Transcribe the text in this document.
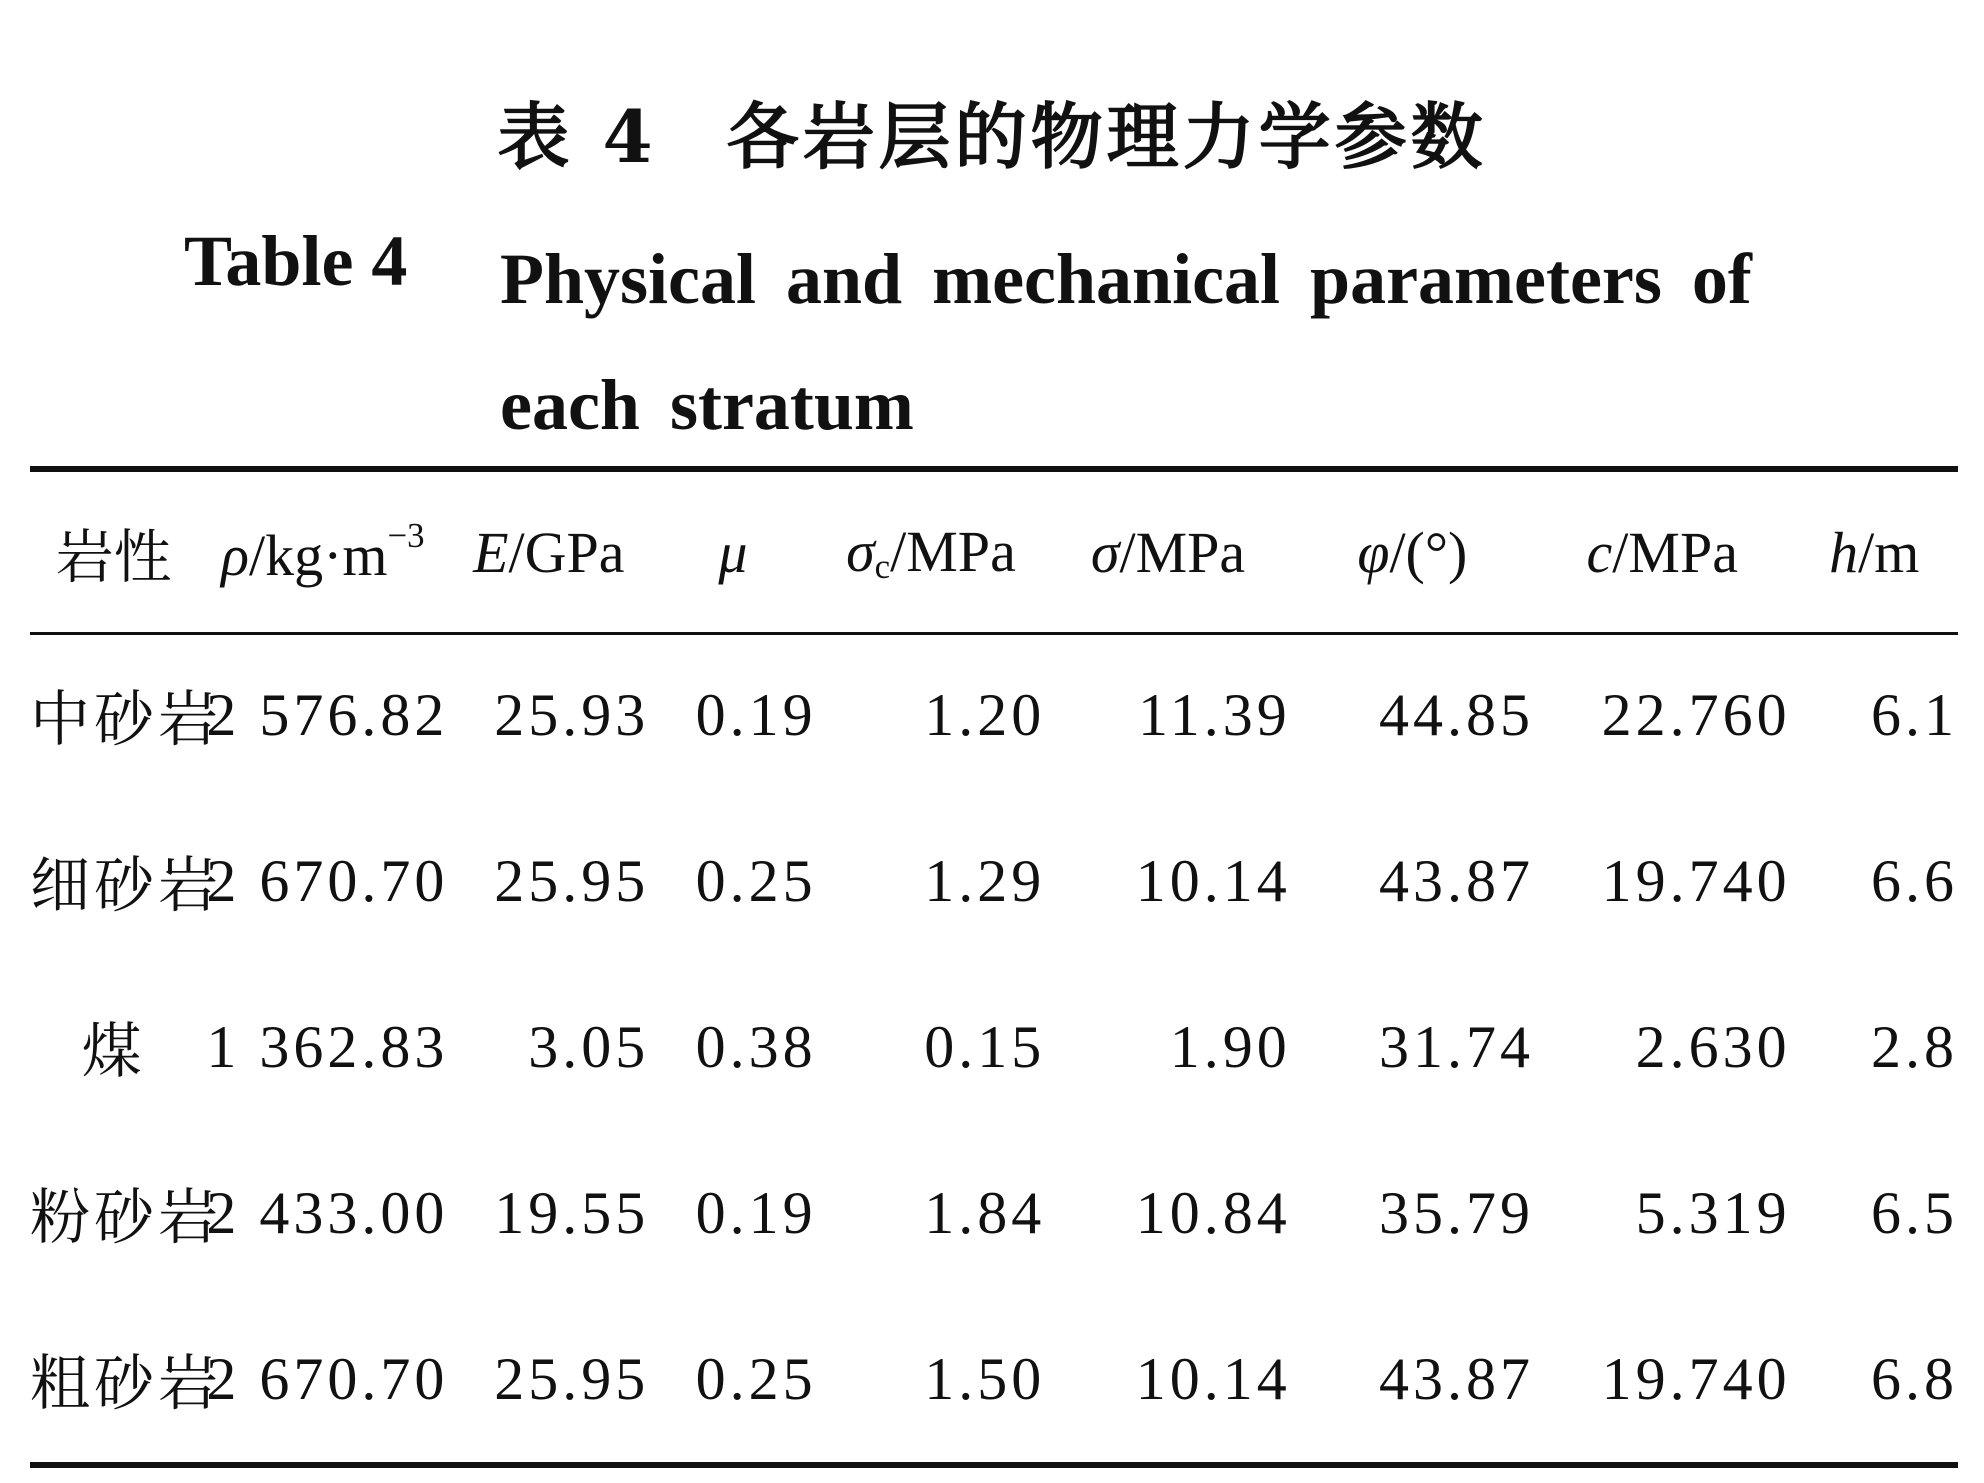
表 4 各岩层的物理力学参数
Table 4 Physical and mechanical parameters of each stratum
岩性	$\rho/kg\cdot m^{-3}$	E/GPa	μ	$\sigma_c$/MPa	σ/MPa	φ/(°)	c/MPa	h/m
中砂岩	2 576.82	25.93	0.19	1.20	11.39	44.85	22.760	6.1
细砂岩	2 670.70	25.95	0.25	1.29	10.14	43.87	19.740	6.6
煤	1 362.83	3.05	0.38	0.15	1.90	31.74	2.630	2.8
粉砂岩	2 433.00	19.55	0.19	1.84	10.84	35.79	5.319	6.5
粗砂岩	2 670.70	25.95	0.25	1.50	10.14	43.87	19.740	6.8
